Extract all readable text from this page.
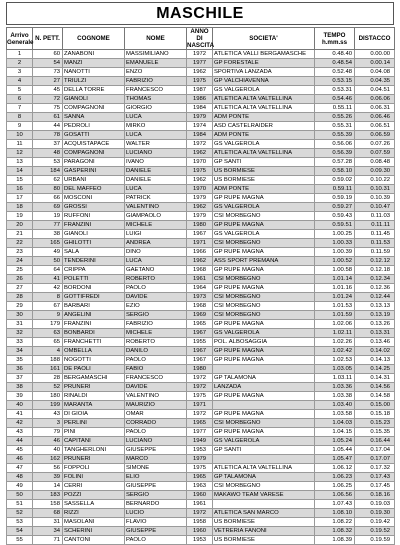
MASCHILE
Arrivo Generale	N. PETT.	COGNOME	NOME	ANNO DI NASCITA	SOCIETA'	TEMPO h.mm.ss	DISTACCO
1	60	ZANABONI	MASSIMILIANO	1972	ATLETICA VALLI BERGAMASCHE	0.48.40	0.00.00
2	54	MANZI	EMANUELE	1977	GP FORESTALE	0.48.54	0.00.14
3	73	NANOTTI	ENZO	1962	SPORTIVA LANZADA	0.52.48	0.04.08
4	27	TRIULZI	FABRIZIO	1975	GP VALCHIAVENNA	0.53.15	0.04.35
5	45	DELLA TORRE	FRANCESCO	1987	GS VALGEROLA	0.53.31	0.04.51
6	72	GIANOLI	THOMAS	1986	ATLETICA ALTA VALTELLINA	0.54.46	0.06.06
7	75	COMPAGNONI	GIORGIO	1984	ATLETICA ALTA VALTELLINA	0.55.11	0.06.31
8	61	SANNA	LUCA	1979	ADM PONTE	0.55.26	0.06.46
9	44	PEDROLI	MIRKO	1974	ASD CASTELRAIDER	0.55.31	0.06.51
10	78	GOSATTI	LUCA	1984	ADM PONTE	0.55.39	0.06.59
11	37	ACQUISTAPACE	WALTER	1972	GS VALGEROLA	0.56.06	0.07.26
12	48	COMPAGNONI	LUCIANO	1962	ATLETICA ALTA VALTELLINA	0.56.39	0.07.59
13	53	PARAGONI	IVANO	1970	GP SANTI	0.57.28	0.08.48
14	184	GASPERINI	DANIELE	1975	US BORMIESE	0.58.10	0.09.30
15	62	URBANI	DANIELE	1962	US BORMIESE	0.59.02	0.10.22
16	80	DEL MAFFEO	LUCA	1970	ADM PONTE	0.59.11	0.10.31
17	66	MOSCONI	PATRICK	1979	GP RUPE MAGNA	0.59.19	0.10.39
18	69	GROSSI	VALENTINO	1962	GS VALGEROLA	0.59.27	0.10.47
19	19	RUFFONI	GIAMPAOLO	1979	CSI MORBEGNO	0.59.43	0.11.03
20	77	FRANZINI	MICHELE	1980	GP RUPE MAGNA	0.59.51	0.11.11
21	38	GIANOLI	LUIGI	1967	GS VALGEROLA	1.00.25	0.11.45
22	165	GHILOTTI	ANDREA	1971	CSI MORBEGNO	1.00.33	0.11.53
23	49	SALA	DINO	1966	GP RUPE MAGNA	1.00.39	0.11.59
24	50	TENDERINI	LUCA	1962	ASS SPORT PREMANA	1.00.52	0.12.12
25	64	CRIPPA	GAETANO	1968	GP RUPE MAGNA	1.00.58	0.12.18
26	41	POLETTI	ROBERTO	1961	CSI MORBEGNO	1.01.14	0.12.34
27	42	BORDONI	PAOLO	1964	GP RUPE MAGNA	1.01.16	0.12.36
28	8	GOTTIFREDI	DAVIDE	1973	CSI MORBEGNO	1.01.24	0.12.44
29	67	BARBARI	EZIO	1968	CSI MORBEGNO	1.01.53	0.13.13
30	9	ANGELINI	SERGIO	1969	CSI MORBEGNO	1.01.59	0.13.19
31	179	FRANZINI	FABRIZIO	1965	GP RUPE MAGNA	1.02.06	0.13.26
32	63	BONBARDI	MICHELE	1967	GS VALGEROLA	1.02.11	0.13.31
33	65	FRANCHETTI	ROBERTO	1955	POL. ALBOSAGGIA	1.02.26	0.13.46
34	4	OMBELLA	DANILO	1967	GP RUPE MAGNA	1.02.42	0.14.02
35	188	NOGOTTI	PAOLO	1967	GP RUPE MAGNA	1.02.53	0.14.13
36	161	DE PAOLI	FABIO	1980		1.03.05	0.14.25
37	28	BERGAMASCHI	FRANCESCO	1972	GP TALAMONA	1.03.11	0.14.31
38	52	PRUNERI	DAVIDE	1972	LANZADA	1.03.36	0.14.56
39	180	RINALDI	VALENTINO	1975	GP RUPE MAGNA	1.03.38	0.14.58
40	199	MARANTA	MAURIZIO	1971		1.03.40	0.15.00
41	43	DI GIOIA	OMAR	1972	GP RUPE MAGNA	1.03.58	0.15.18
42	3	PERLINI	CORRADO	1965	CSI MORBEGNO	1.04.03	0.15.23
43	79	PINI	PAOLO	1977	GP RUPE MAGNA	1.04.15	0.15.35
44	46	CAPITANI	LUCIANO	1949	GS VALGEROLA	1.05.24	0.16.44
45	40	TANGHERLONI	GIUSEPPE	1953	GP SANTI	1.05.44	0.17.04
46	162	PRUNERI	MARCO	1979		1.05.47	0.17.07
47	56	FOPPOLI	SIMONE	1975	ATLETICA ALTA VALTELLINA	1.06.12	0.17.32
48	39	FOLINI	ELIO	1965	GP TALAMONA	1.06.23	0.17.43
49	14	CERRI	GIUSEPPE	1963	CSI MORBEGNO	1.06.25	0.17.45
50	183	POZZI	SERGIO	1960	MAKAWO TEAM VARESE	1.06.56	0.18.16
51	158	SASSELLA	BERNARDO	1961		1.07.43	0.19.03
52	68	RIZZI	LUCIO	1972	ATLETICA SAN MARCO	1.08.10	0.19.30
53	31	MASOLANI	FLAVIO	1958	US BORMIESE	1.08.22	0.19.42
54	34	SCHERINI	GIUSEPPE	1960	VETRERIA FANONI	1.08.32	0.19.52
55	71	CANTONI	PAOLO	1953	US BORMIESE	1.08.39	0.19.59
